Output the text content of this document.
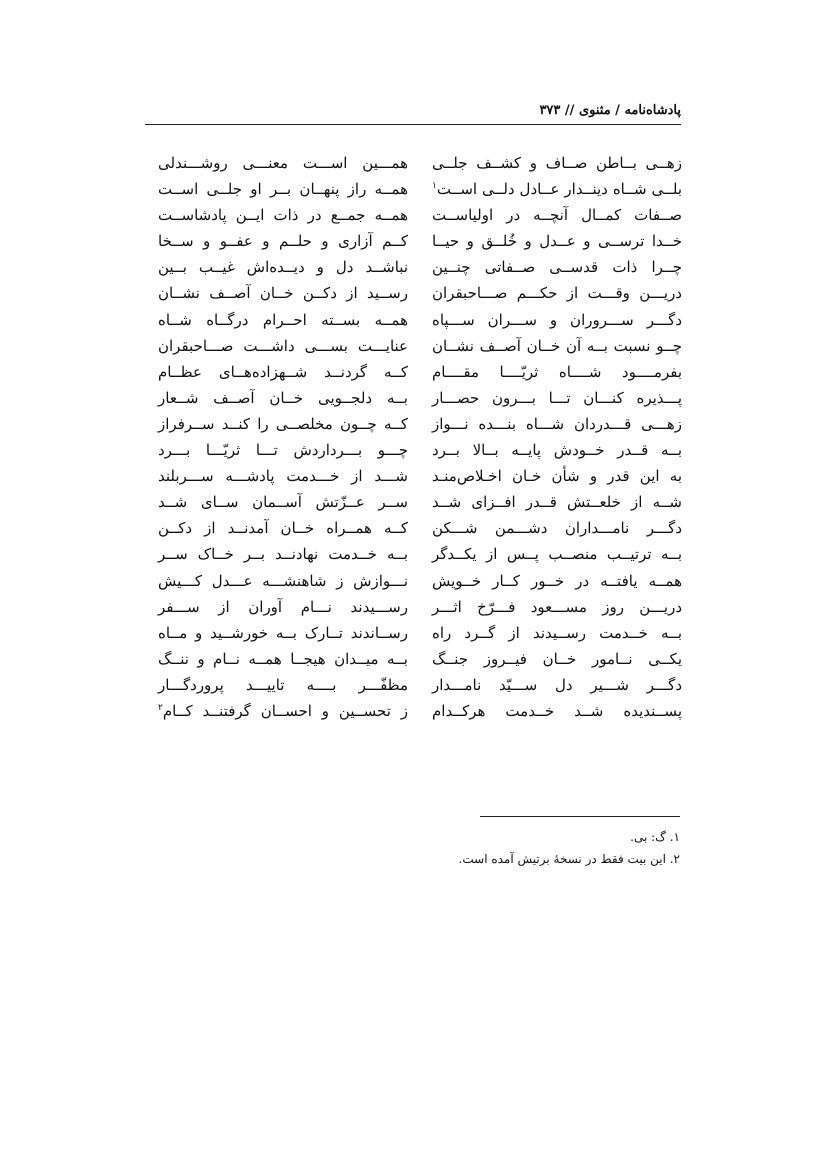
پادشاه‌نامه / مثنوی // ۳۷۳
زهــی بــاطن صــاف و کشــف جلــی
بلــی شــاه دینــدار عــادل دلــی اســت$^۱$
صــفات کمــال آنچــه در اولیاســت
خــدا ترســی و عــدل و خُلــق و حیــا
چــرا ذات قدســی صــفاتی چنــین
دریـــن وقـــت از حکـــم صـــاحبقران
دگـــر ســـروران و ســـران ســـپاه
چــو نسبت بــه آن خــان آصــف نشــان
بفرمــــود شــــاه ثریّــــا مقــــام
پـــذیره کنـــان تـــا بـــرون حصـــار
زهـــی قـــدردان شـــاه بنـــده نـــواز
بــه قــدر خــودش پایــه بــالا بــرد
به این قدر و شأن خـان اخـلاص‌منـد
شــه از خلعــتش قــدر افــزای شــد
دگـــر نامـــداران دشـــمن شـــکن
بــه ترتیــب منصــب پــس از یکــدگر
همــه یافتــه در خــور کــار خــویش
دریـــن روز مســـعود فـــرّخ اثـــر
بــه خــدمت رســیدند از گــرد راه
یکــی نــامور خــان فیــروز جنــگ
دگـــر شـــیر دل ســـیّد نامـــدار
پســندیده شــد خــدمت هرکــدام
همـــین اســـت معنـــی روشـــندلی
همــه راز پنهــان بــر او جلــی اســت
همــه جمــع در ذات ایــن پادشاســت
کــم آزاری و حلــم و عفــو و ســخا
نباشــد دل و دیــده‌اش غیــب بــین
رســید از دکــن خــان آصــف نشــان
همــه بســته احــرام درگــاه شــاه
عنایـــت بســـی داشـــت صـــاحبقران
کــه گردنــد شــهزاده‌هــای عظــام
بــه دلجــویی خــان آصــف شــعار
کــه چــون مخلصــی را کنــد ســرفراز
چـــو بـــرداردش تـــا ثریّـــا بـــرد
شـــد از خـــدمت پادشـــه ســـربلند
ســر عــزّتش آســمان ســای شــد
کــه همــراه خــان آمدنــد از دکــن
بــه خــدمت نهادنــد بــر خــاک ســر
نـــوازش ز شاهنشـــه عـــدل کـــیش
رســـیدند نـــام آوران از ســـفر
رســاندند تــارک بــه خورشــید و مــاه
بــه میــدان هیجــا همــه نــام و ننــگ
مظفّـــر بــــه تاییـــد پروردگـــار
ز تحســین و احســان گرفتنــد کــام$^۲$
۱. گ: بی.
۲. این بیت فقط در نسخهٔ برتیش آمده است.
